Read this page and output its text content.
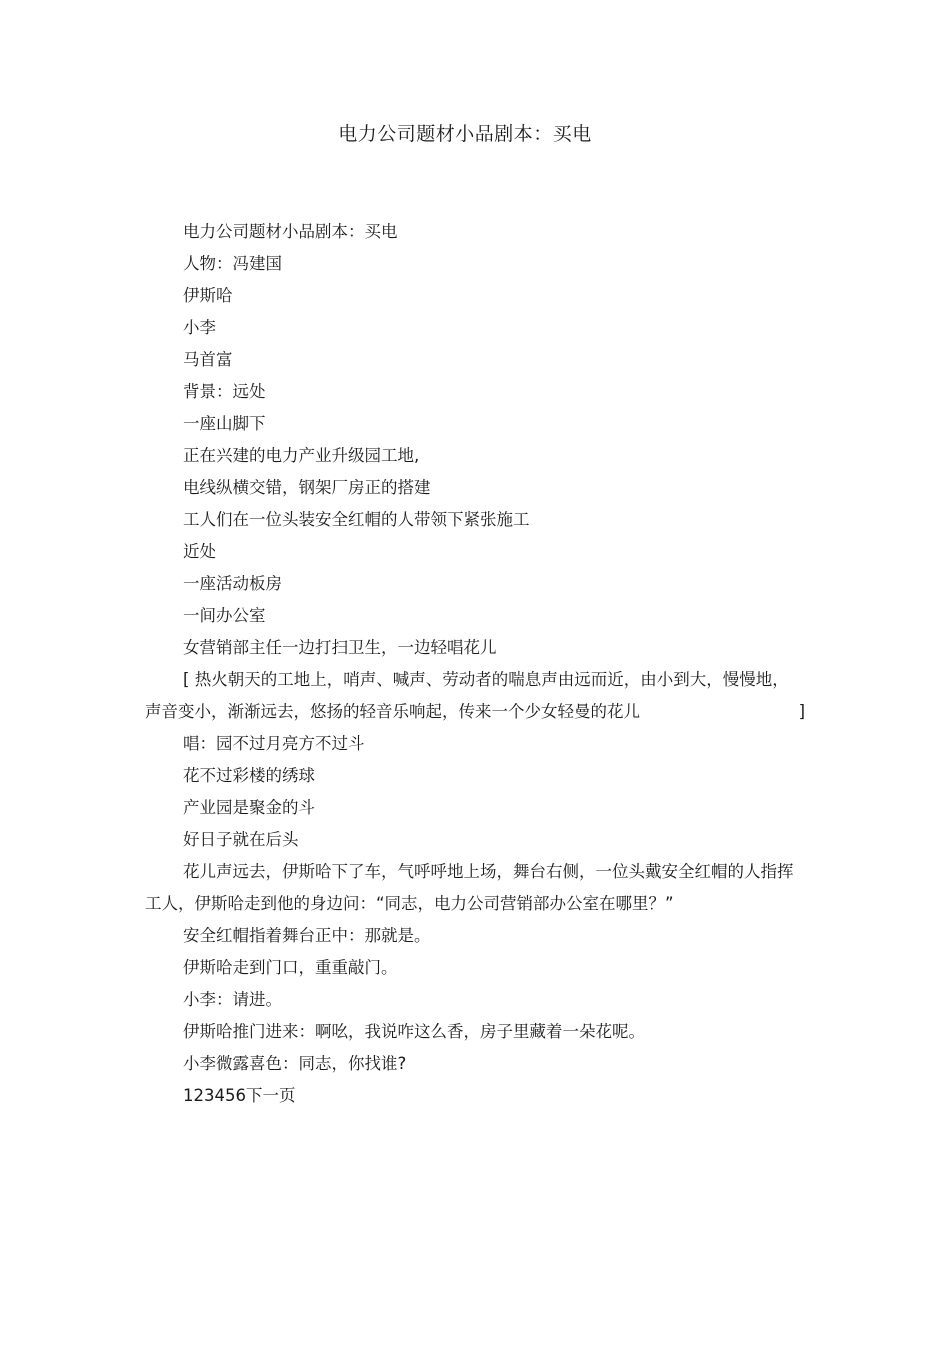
电力公司题材小品剧本：买电
电力公司题材小品剧本：买电
人物：冯建国
伊斯哈
小李
马首富
背景：远处
一座山脚下
正在兴建的电力产业升级园工地,
电线纵横交错，钢架厂房正的搭建
工人们在一位头装安全红帽的人带领下紧张施工
近处
一座活动板房
一间办公室
女营销部主任一边打扫卫生，一边轻唱花儿
[ 热火朝天的工地上，哨声、喊声、劳动者的喘息声由远而近，由小到大，慢慢地，声音变小，渐渐远去，悠扬的轻音乐响起，传来一个少女轻曼的花儿	]
唱：园不过月亮方不过斗
花不过彩楼的绣球
产业园是聚金的斗
好日子就在后头
花儿声远去，伊斯哈下了车，气呼呼地上场，舞台右侧，一位头戴安全红帽的人指挥工人，伊斯哈走到他的身边问：“同志，电力公司营销部办公室在哪里？”
安全红帽指着舞台正中：那就是。
伊斯哈走到门口，重重敲门。
小李：请进。
伊斯哈推门进来：啊吆，我说咋这么香，房子里藏着一朵花呢。
小李微露喜色：同志，你找谁?
123456下一页
